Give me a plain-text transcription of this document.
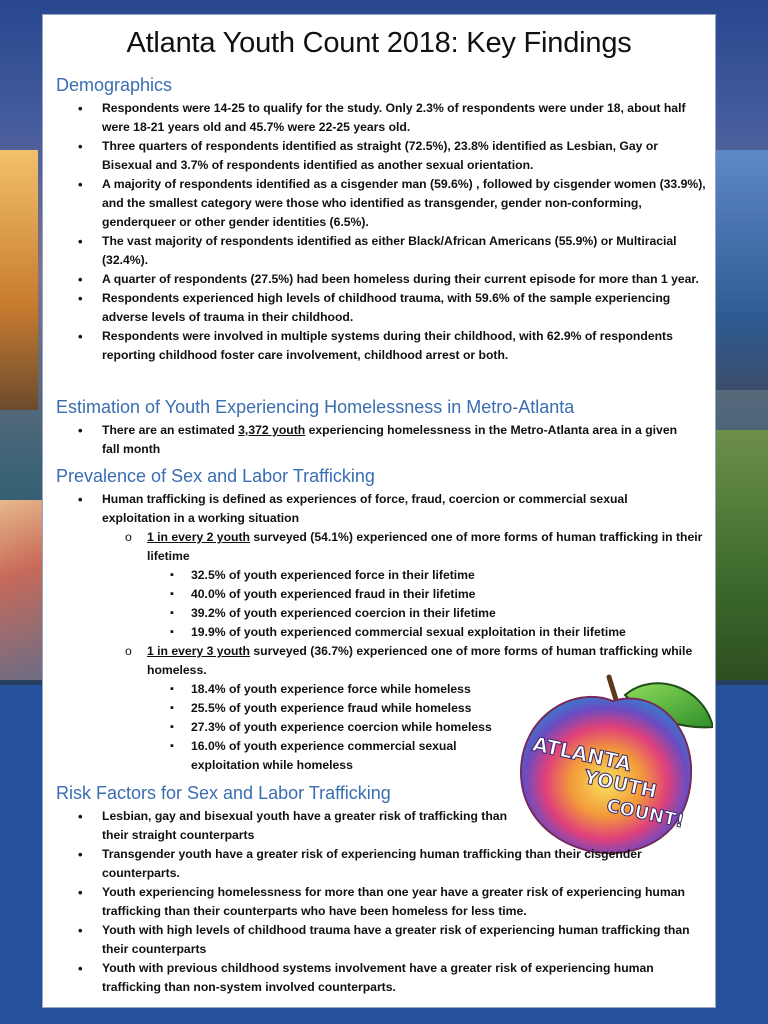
Atlanta Youth Count 2018: Key Findings
Demographics
• Respondents were 14-25 to qualify for the study. Only 2.3% of respondents were under 18, about half were 18-21 years old and 45.7% were 22-25 years old.
• Three quarters of respondents identified as straight (72.5%), 23.8% identified as Lesbian, Gay or Bisexual and 3.7% of respondents identified as another sexual orientation.
• A majority of respondents identified as a cisgender man (59.6%) , followed by cisgender women (33.9%), and the smallest category were those who identified as transgender, gender non-conforming, genderqueer or other gender identities (6.5%).
• The vast majority of respondents identified as either Black/African Americans (55.9%) or Multiracial (32.4%).
• A quarter of respondents (27.5%) had been homeless during their current episode for more than 1 year.
• Respondents experienced high levels of childhood trauma, with 59.6% of the sample experiencing adverse levels of trauma in their childhood.
• Respondents were involved in multiple systems during their childhood, with 62.9% of respondents reporting childhood foster care involvement, childhood arrest or both.
Estimation of Youth Experiencing Homelessness in Metro-Atlanta
• There are an estimated 3,372 youth experiencing homelessness in the Metro-Atlanta area in a given fall month
Prevalence of Sex and Labor Trafficking
• Human trafficking is defined as experiences of force, fraud, coercion or commercial sexual exploitation in a working situation
o 1 in every 2 youth surveyed (54.1%) experienced one of more forms of human trafficking in their lifetime
▪ 32.5% of youth experienced force in their lifetime
▪ 40.0% of youth experienced fraud in their lifetime
▪ 39.2% of youth experienced coercion in their lifetime
▪ 19.9% of youth experienced commercial sexual exploitation in their lifetime
o 1 in every 3 youth surveyed (36.7%) experienced one of more forms of human trafficking while homeless.
▪ 18.4% of youth experience force while homeless
▪ 25.5% of youth experience fraud while homeless
▪ 27.3% of youth experience coercion while homeless
▪ 16.0% of youth experience commercial sexual exploitation while homeless	ATLANTA
YOUTH
COUNT!
Risk Factors for Sex and Labor Trafficking
• Lesbian, gay and bisexual youth have a greater risk of trafficking than their straight counterparts
• Transgender youth have a greater risk of experiencing human trafficking than their cisgender counterparts.
• Youth experiencing homelessness for more than one year have a greater risk of experiencing human trafficking than their counterparts who have been homeless for less time.
• Youth with high levels of childhood trauma have a greater risk of experiencing human trafficking than their counterparts
• Youth with previous childhood systems involvement have a greater risk of experiencing human trafficking than non-system involved counterparts.
